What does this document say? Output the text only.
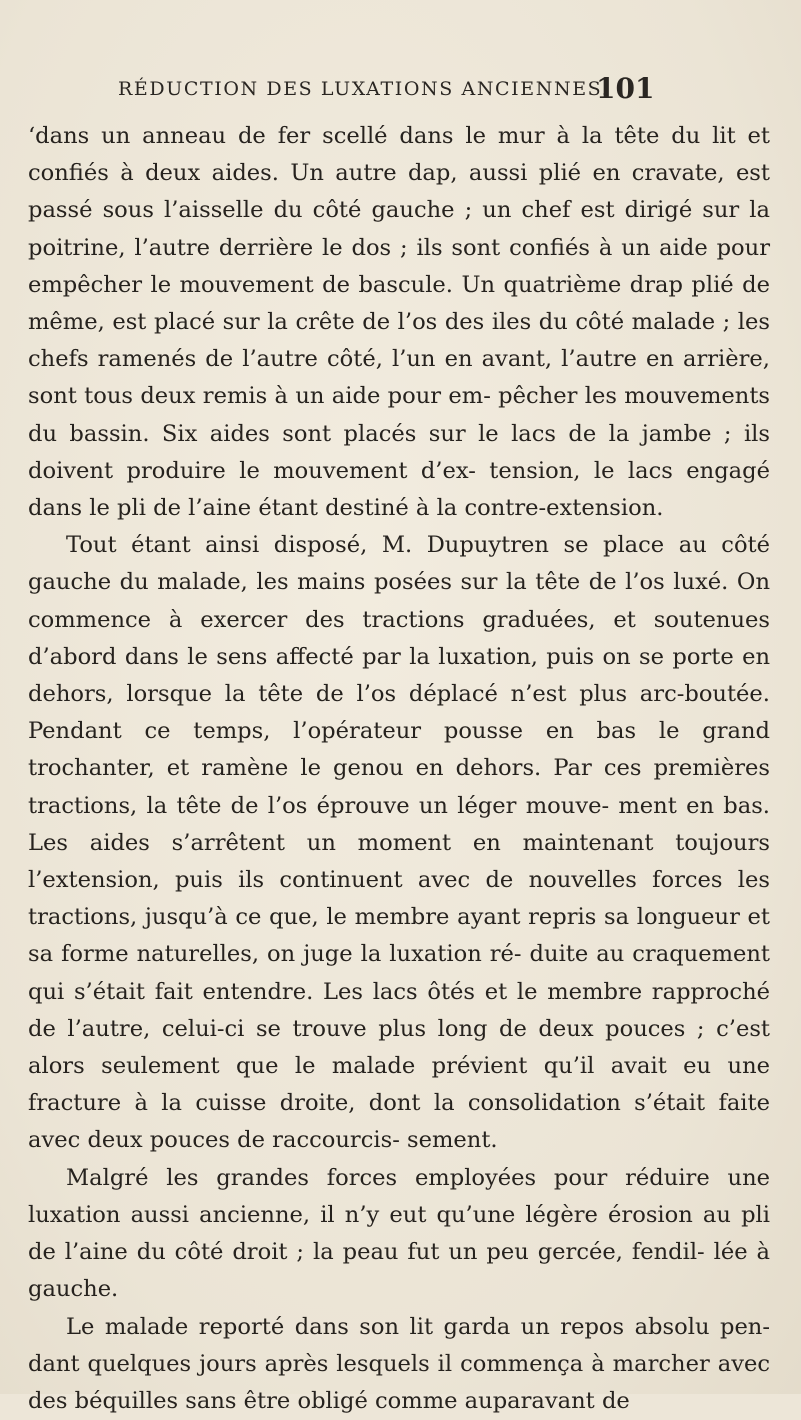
RÉDUCTION DES LUXATIONS ANCIENNES.
101

‘dans un anneau de fer scellé dans le mur à la tête du lit et confiés à deux aides. Un autre dap, aussi plié en cravate, est passé sous l’aisselle du côté gauche ; un chef est dirigé sur la poitrine, l’autre derrière le dos ; ils sont confiés à un aide pour empêcher le mouvement de bascule. Un quatrième drap plié de même, est placé sur la crête de l’os des iles du côté malade ; les chefs ramenés de l’autre côté, l’un en avant, l’autre en arrière, sont tous deux remis à un aide pour em- pêcher les mouvements du bassin. Six aides sont placés sur le lacs de la jambe ; ils doivent produire le mouvement d’ex- tension, le lacs engagé dans le pli de l’aine étant destiné à la contre-extension.

Tout étant ainsi disposé, M. Dupuytren se place au côté gauche du malade, les mains posées sur la tête de l’os luxé. On commence à exercer des tractions graduées, et soutenues d’abord dans le sens affecté par la luxation, puis on se porte en dehors, lorsque la tête de l’os déplacé n’est plus arc-boutée. Pendant ce temps, l’opérateur pousse en bas le grand trochanter, et ramène le genou en dehors. Par ces premières tractions, la tête de l’os éprouve un léger mouve- ment en bas. Les aides s’arrêtent un moment en maintenant toujours l’extension, puis ils continuent avec de nouvelles forces les tractions, jusqu’à ce que, le membre ayant repris sa longueur et sa forme naturelles, on juge la luxation ré- duite au craquement qui s’était fait entendre. Les lacs ôtés et le membre rapproché de l’autre, celui-ci se trouve plus long de deux pouces ; c’est alors seulement que le malade prévient qu’il avait eu une fracture à la cuisse droite, dont la consolidation s’était faite avec deux pouces de raccourcis- sement.

Malgré les grandes forces employées pour réduire une luxation aussi ancienne, il n’y eut qu’une légère érosion au pli de l’aine du côté droit ; la peau fut un peu gercée, fendil- lée à gauche.

Le malade reporté dans son lit garda un repos absolu pen- dant quelques jours après lesquels il commença à marcher avec des béquilles sans être obligé comme auparavant de
